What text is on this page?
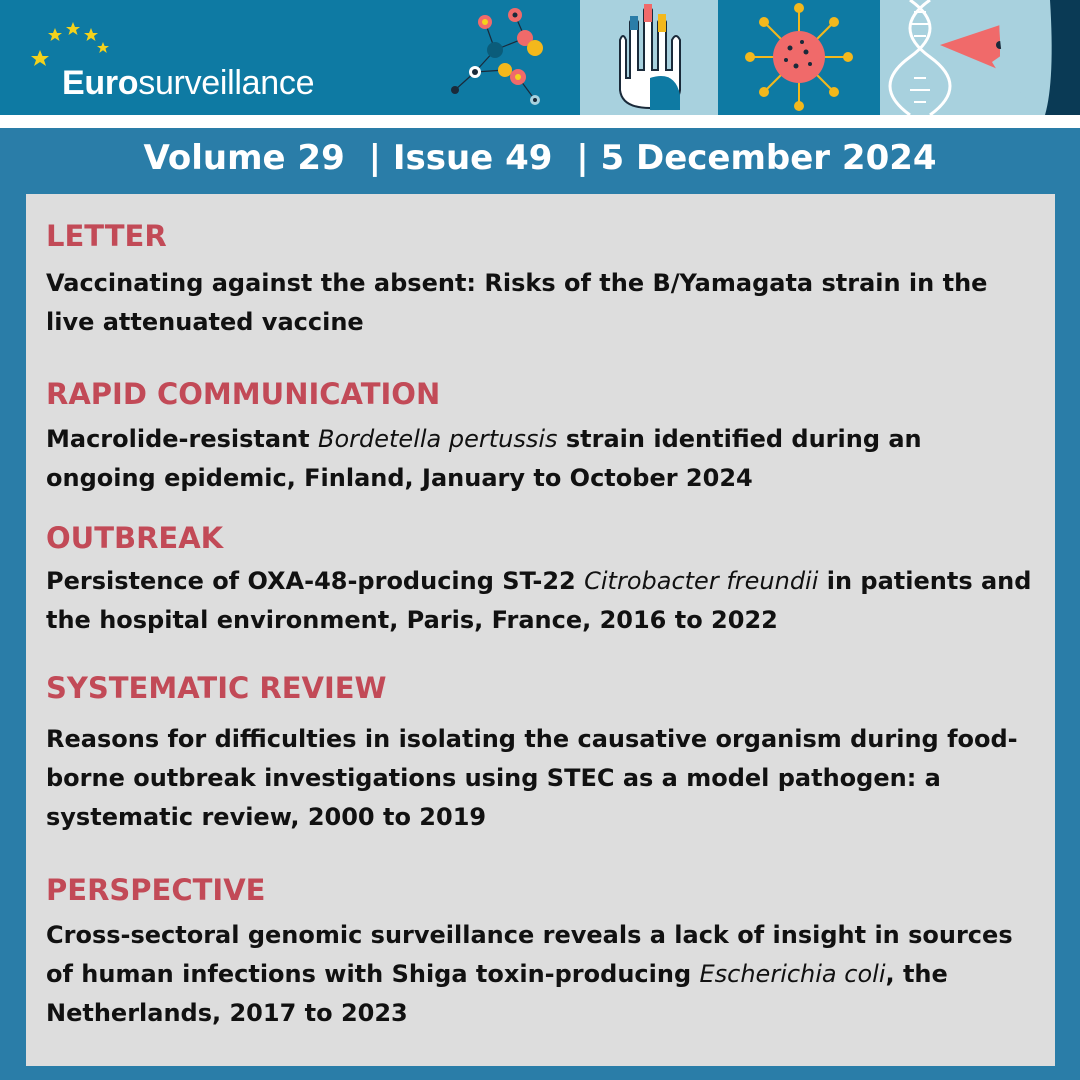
Eurosurveillance
Volume 29 | Issue 49 | 5 December 2024

LETTER

Vaccinating against the absent: Risks of the B/Yamagata strain in the live attenuated vaccine

RAPID COMMUNICATION

Macrolide-resistant Bordetella pertussis strain identified during an ongoing epidemic, Finland, January to October 2024

OUTBREAK

Persistence of OXA-48-producing ST-22 Citrobacter freundii in patients and the hospital environment, Paris, France, 2016 to 2022

SYSTEMATIC REVIEW

Reasons for difficulties in isolating the causative organism during food-borne outbreak investigations using STEC as a model pathogen: a systematic review, 2000 to 2019

PERSPECTIVE

Cross-sectoral genomic surveillance reveals a lack of insight in sources of human infections with Shiga toxin-producing Escherichia coli, the Netherlands, 2017 to 2023
